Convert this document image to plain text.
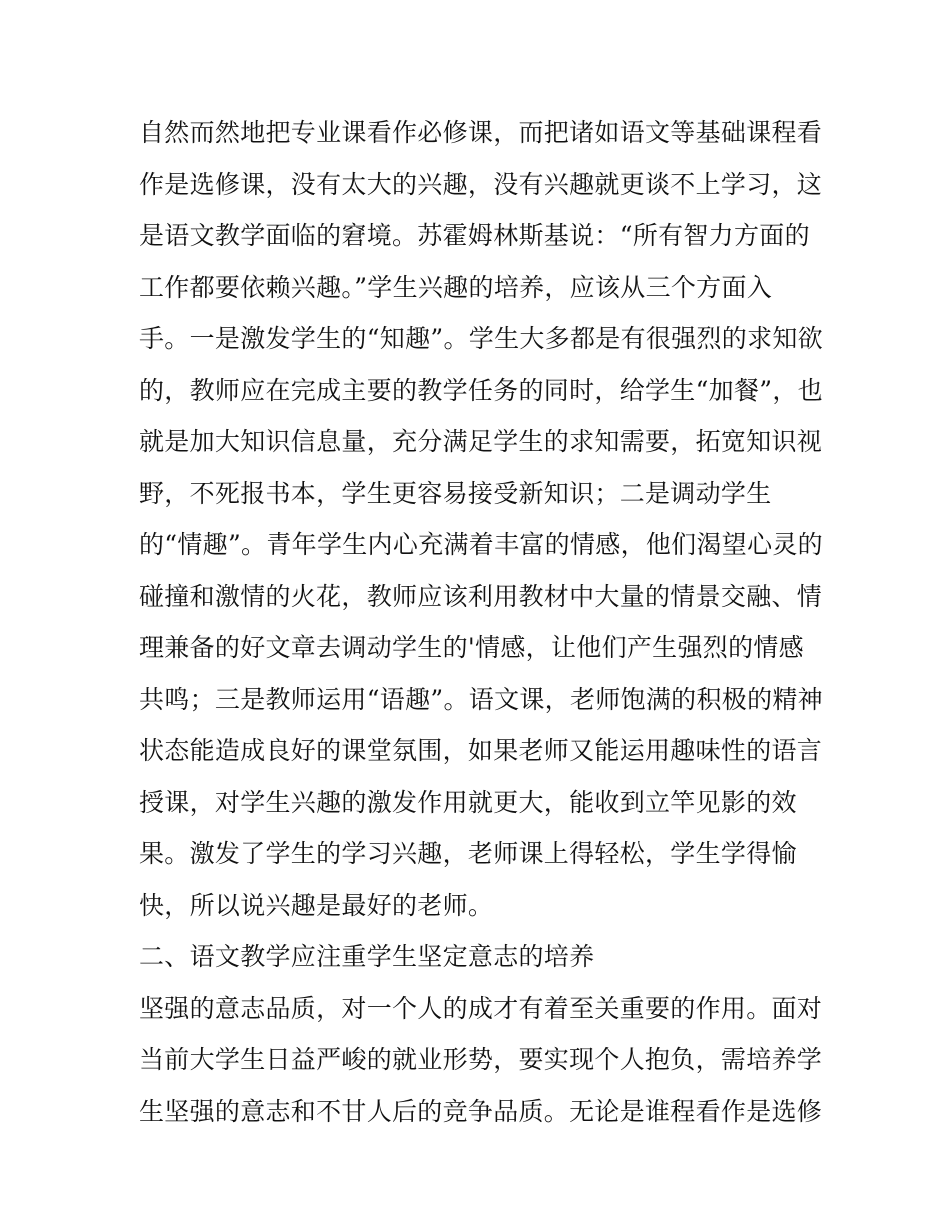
自然而然地把专业课看作必修课，而把诸如语文等基础课程看
作是选修课，没有太大的兴趣，没有兴趣就更谈不上学习，这
是语文教学面临的窘境。苏霍姆林斯基说：“所有智力方面的
工作都要依赖兴趣。”学生兴趣的培养，应该从三个方面入
手。一是激发学生的“知趣”。学生大多都是有很强烈的求知欲
的，教师应在完成主要的教学任务的同时，给学生“加餐”，也
就是加大知识信息量，充分满足学生的求知需要，拓宽知识视
野，不死报书本，学生更容易接受新知识；二是调动学生
的“情趣”。青年学生内心充满着丰富的情感，他们渴望心灵的
碰撞和激情的火花，教师应该利用教材中大量的情景交融、情
理兼备的好文章去调动学生的'情感，让他们产生强烈的情感
共鸣；三是教师运用“语趣”。语文课，老师饱满的积极的精神
状态能造成良好的课堂氛围，如果老师又能运用趣味性的语言
授课，对学生兴趣的激发作用就更大，能收到立竿见影的效
果。激发了学生的学习兴趣，老师课上得轻松，学生学得愉
快，所以说兴趣是最好的老师。
二、语文教学应注重学生坚定意志的培养
坚强的意志品质，对一个人的成才有着至关重要的作用。面对
当前大学生日益严峻的就业形势，要实现个人抱负，需培养学
生坚强的意志和不甘人后的竞争品质。无论是谁程看作是选修
